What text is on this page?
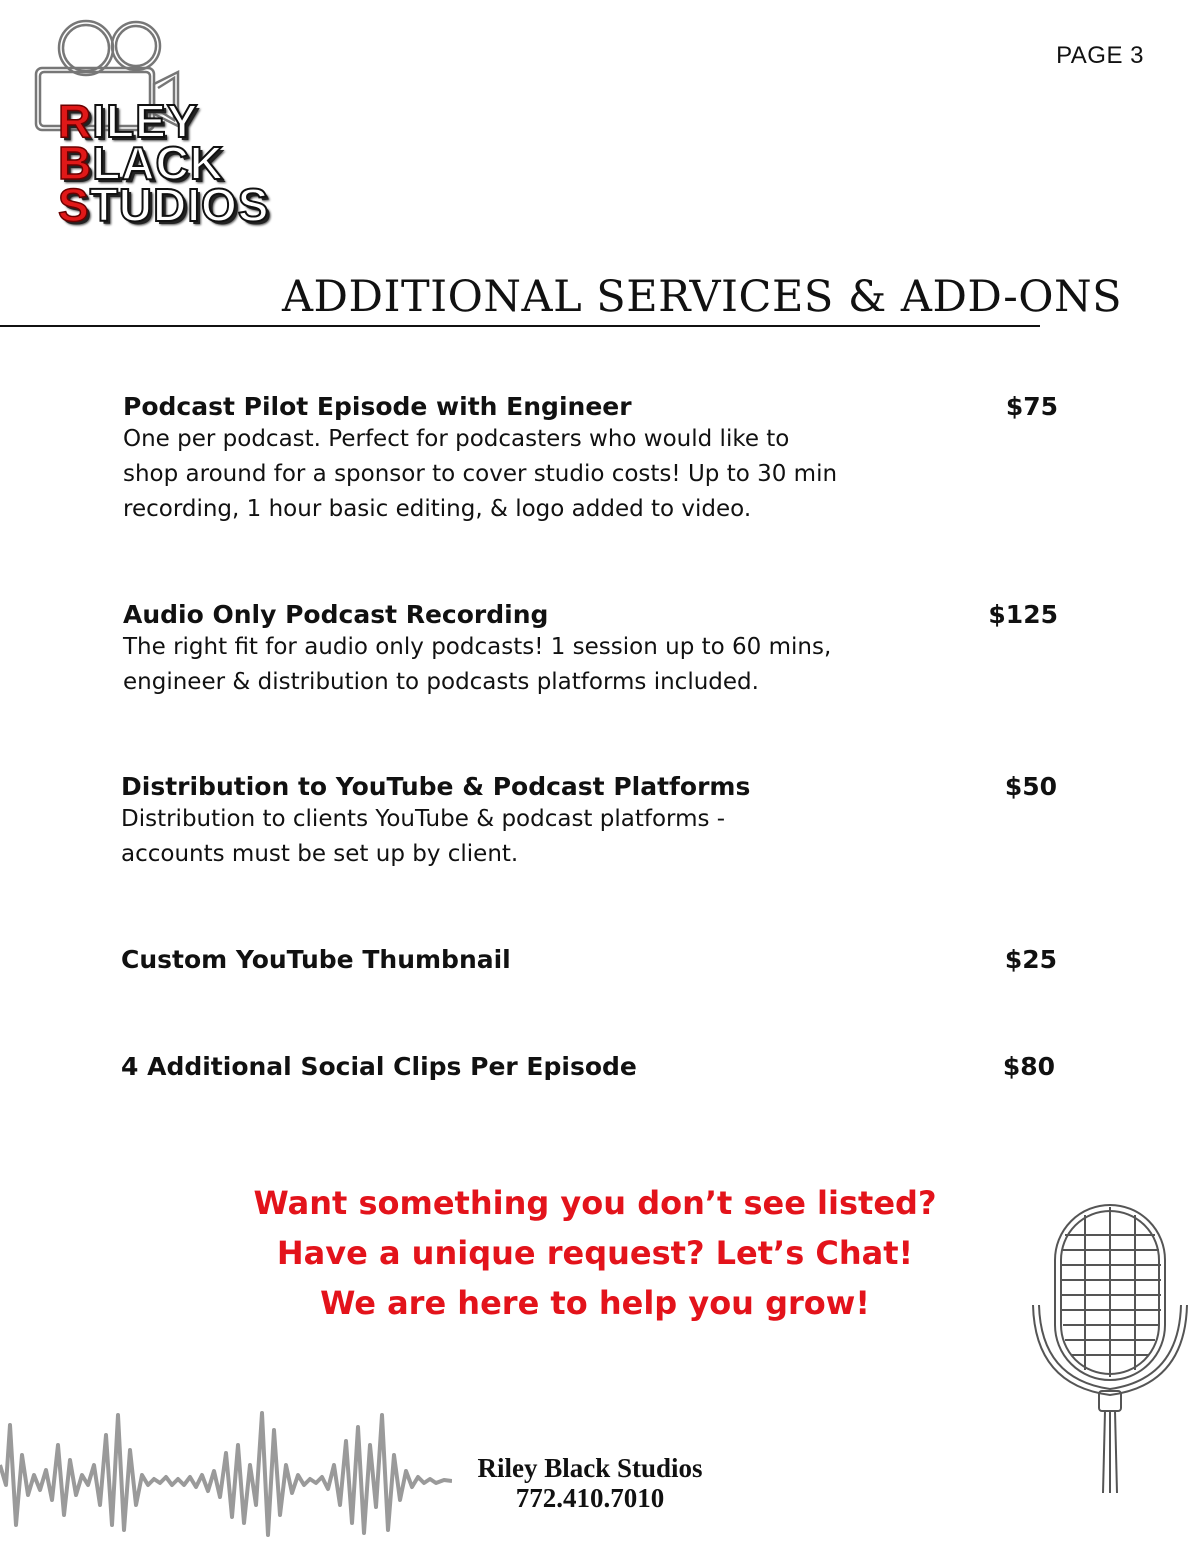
PAGE 3
RILEY
BLACK
STUDIOS
ADDITIONAL SERVICES & ADD-ONS
Podcast Pilot Episode with Engineer	$75
One per podcast. Perfect for podcasters who would like to
shop around for a sponsor to cover studio costs! Up to 30 min
recording, 1 hour basic editing, & logo added to video.
Audio Only Podcast Recording	$125
The right fit for audio only podcasts! 1 session up to 60 mins,
engineer & distribution to podcasts platforms included.
Distribution to YouTube & Podcast Platforms	$50
Distribution to clients YouTube & podcast platforms -
accounts must be set up by client.
Custom YouTube Thumbnail	$25
4 Additional Social Clips Per Episode	$80
Want something you don’t see listed?
Have a unique request? Let’s Chat!
We are here to help you grow!
Riley Black Studios
772.410.7010
